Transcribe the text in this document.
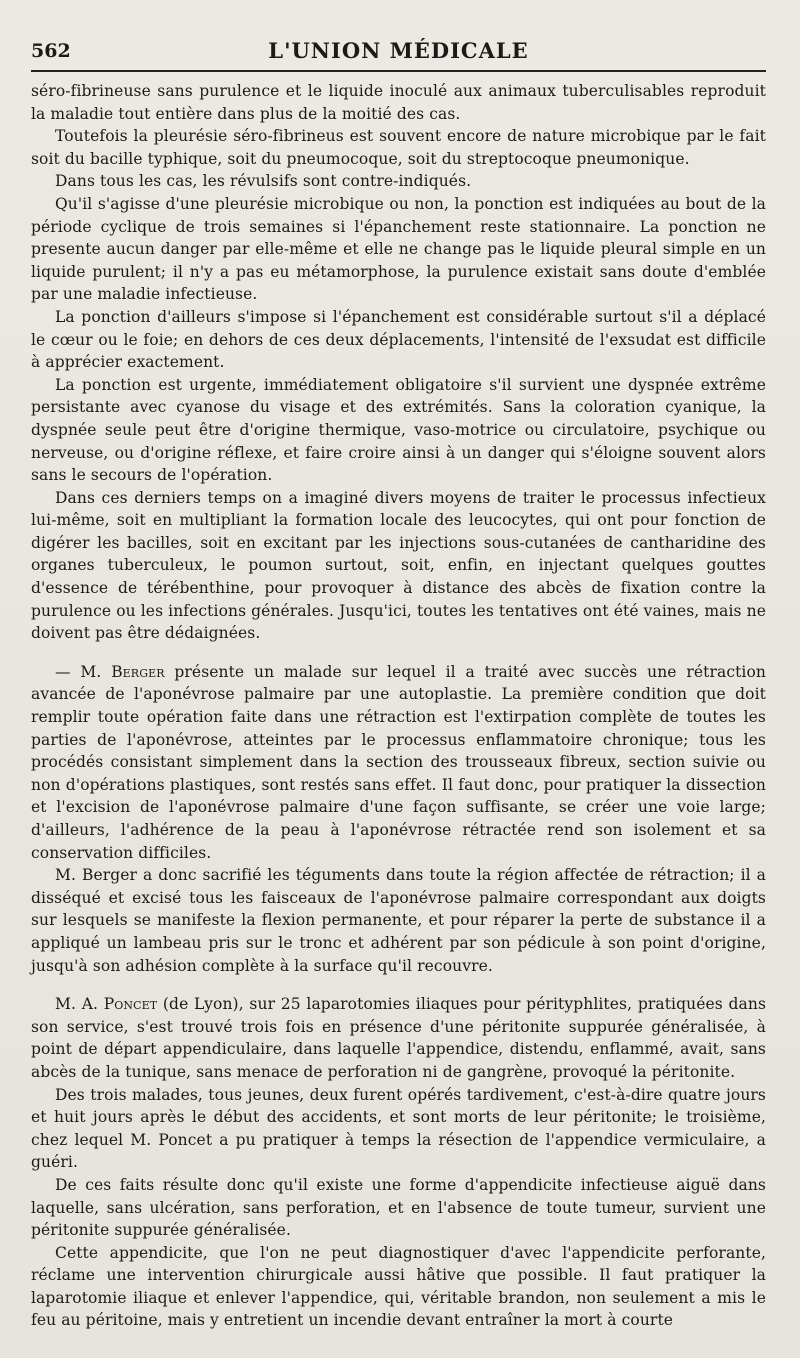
562	L'UNION MÉDICALE

séro-fibrineuse sans purulence et le liquide inoculé aux animaux tuberculisables reproduit la maladie tout entière dans plus de la moitié des cas.

Toutefois la pleurésie séro-fibrineus est souvent encore de nature microbique par le fait soit du bacille typhique, soit du pneumocoque, soit du streptocoque pneumonique.

Dans tous les cas, les révulsifs sont contre-indiqués.

Qu'il s'agisse d'une pleurésie microbique ou non, la ponction est indiquées au bout de la période cyclique de trois semaines si l'épanchement reste stationnaire. La ponction ne presente aucun danger par elle-même et elle ne change pas le liquide pleural simple en un liquide purulent; il n'y a pas eu métamorphose, la purulence existait sans doute d'emblée par une maladie infectieuse.

La ponction d'ailleurs s'impose si l'épanchement est considérable surtout s'il a déplacé le cœur ou le foie; en dehors de ces deux déplacements, l'intensité de l'exsudat est difficile à apprécier exactement.

La ponction est urgente, immédiatement obligatoire s'il survient une dyspnée extrême persistante avec cyanose du visage et des extrémités. Sans la coloration cyanique, la dyspnée seule peut être d'origine thermique, vaso-motrice ou circulatoire, psychique ou nerveuse, ou d'origine réflexe, et faire croire ainsi à un danger qui s'éloigne souvent alors sans le secours de l'opération.

Dans ces derniers temps on a imaginé divers moyens de traiter le processus infectieux lui-même, soit en multipliant la formation locale des leucocytes, qui ont pour fonction de digérer les bacilles, soit en excitant par les injections sous-cutanées de cantharidine des organes tuberculeux, le poumon surtout, soit, enfin, en injectant quelques gouttes d'essence de térébenthine, pour provoquer à distance des abcès de fixation contre la purulence ou les infections générales. Jusqu'ici, toutes les tentatives ont été vaines, mais ne doivent pas être dédaignées.

— M. Berger présente un malade sur lequel il a traité avec succès une rétraction avancée de l'aponévrose palmaire par une autoplastie. La première condition que doit remplir toute opération faite dans une rétraction est l'extirpation complète de toutes les parties de l'aponévrose, atteintes par le processus enflammatoire chronique; tous les procédés consistant simplement dans la section des trousseaux fibreux, section suivie ou non d'opérations plastiques, sont restés sans effet. Il faut donc, pour pratiquer la dissection et l'excision de l'aponévrose palmaire d'une façon suffisante, se créer une voie large; d'ailleurs, l'adhérence de la peau à l'aponévrose rétractée rend son isolement et sa conservation difficiles.

M. Berger a donc sacrifié les téguments dans toute la région affectée de rétraction; il a disséqué et excisé tous les faisceaux de l'aponévrose palmaire correspondant aux doigts sur lesquels se manifeste la flexion permanente, et pour réparer la perte de substance il a appliqué un lambeau pris sur le tronc et adhérent par son pédicule à son point d'origine, jusqu'à son adhésion complète à la surface qu'il recouvre.

M. A. Poncet (de Lyon), sur 25 laparotomies iliaques pour pérityphlites, pratiquées dans son service, s'est trouvé trois fois en présence d'une péritonite suppurée généralisée, à point de départ appendiculaire, dans laquelle l'appendice, distendu, enflammé, avait, sans abcès de la tunique, sans menace de perforation ni de gangrène, provoqué la péritonite.

Des trois malades, tous jeunes, deux furent opérés tardivement, c'est-à-dire quatre jours et huit jours après le début des accidents, et sont morts de leur péritonite; le troisième, chez lequel M. Poncet a pu pratiquer à temps la résection de l'appendice vermiculaire, a guéri.

De ces faits résulte donc qu'il existe une forme d'appendicite infectieuse aiguë dans laquelle, sans ulcération, sans perforation, et en l'absence de toute tumeur, survient une péritonite suppurée généralisée.

Cette appendicite, que l'on ne peut diagnostiquer d'avec l'appendicite perforante, réclame une intervention chirurgicale aussi hâtive que possible. Il faut pratiquer la laparotomie iliaque et enlever l'appendice, qui, véritable brandon, non seulement a mis le feu au péritoine, mais y entretient un incendie devant entraîner la mort à courte
